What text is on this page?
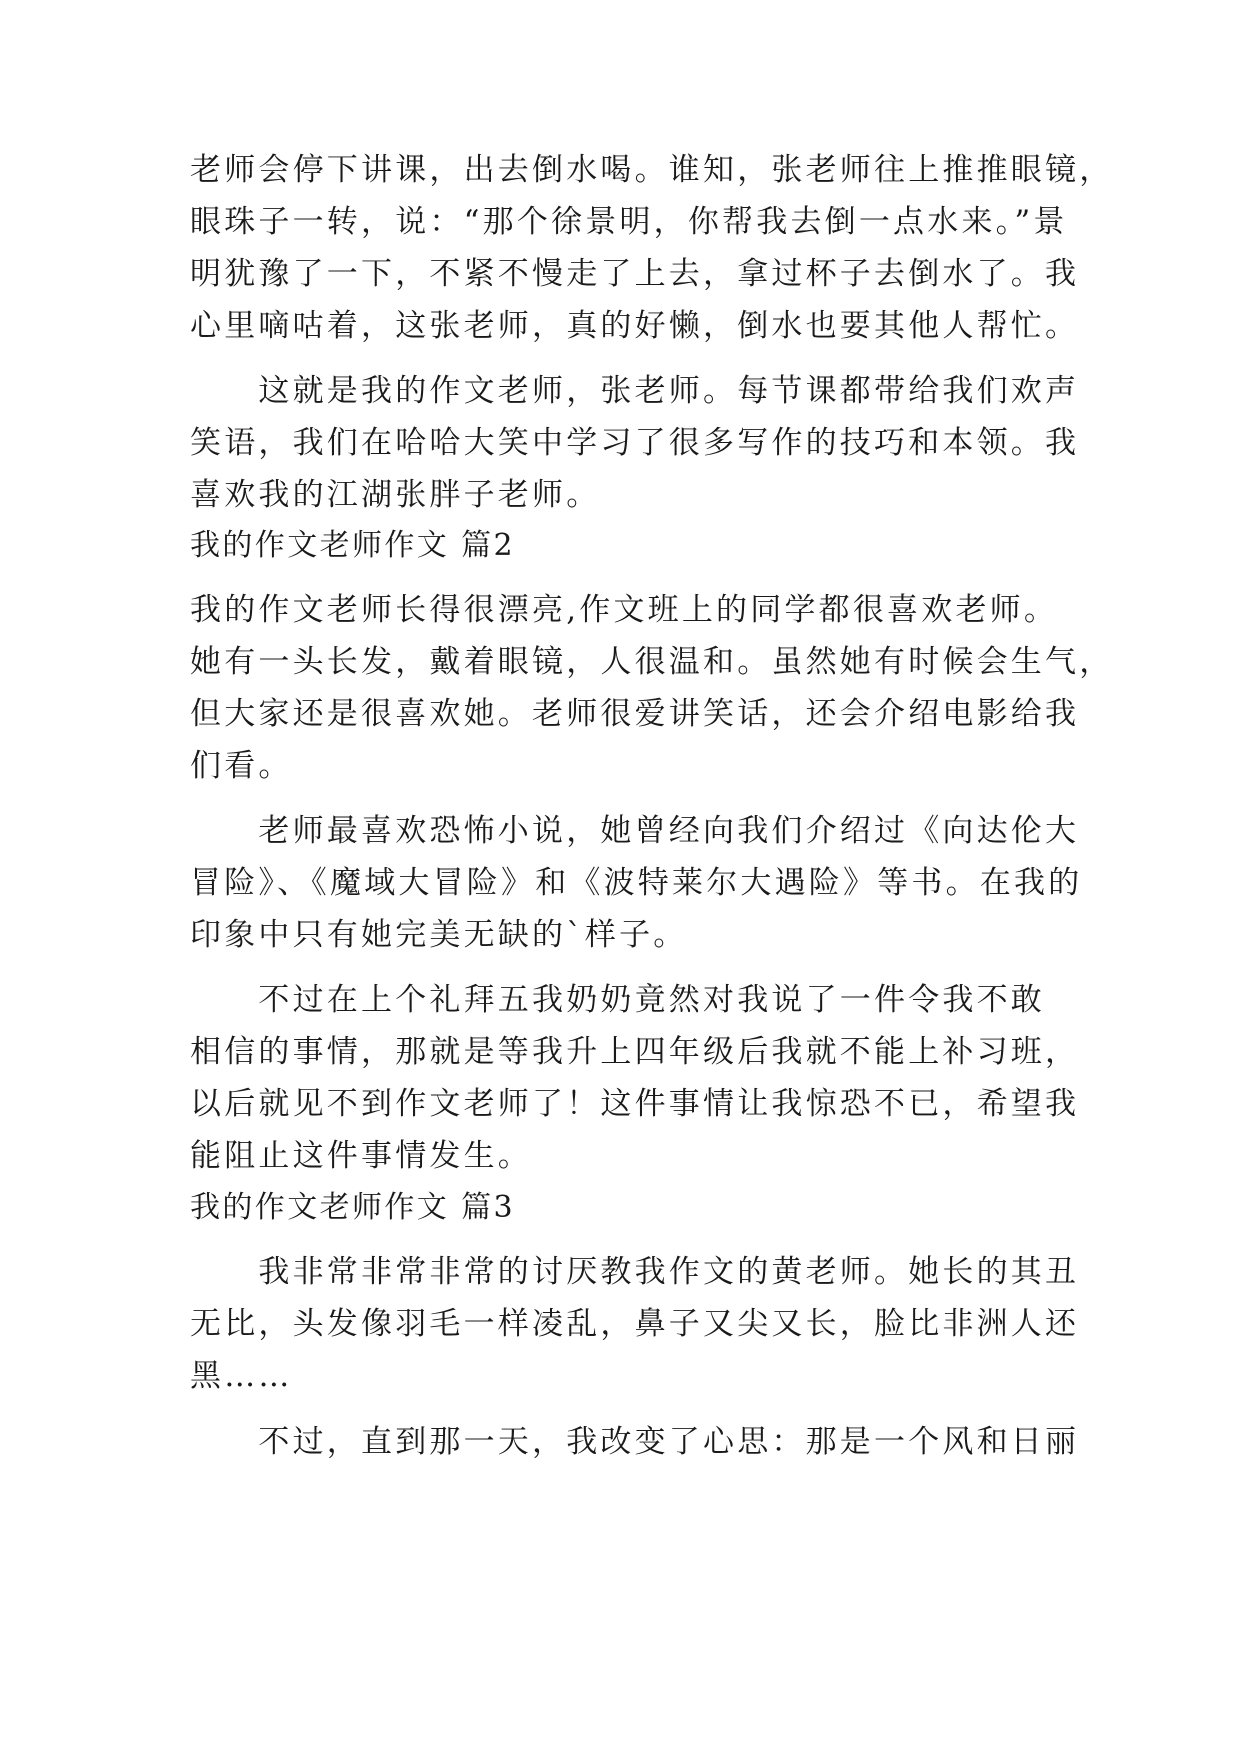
老师会停下讲课，出去倒水喝。谁知，张老师往上推推眼镜，
眼珠子一转，说：“那个徐景明，你帮我去倒一点水来。”景
明犹豫了一下，不紧不慢走了上去，拿过杯子去倒水了。我
心里嘀咕着，这张老师，真的好懒，倒水也要其他人帮忙。
　　这就是我的作文老师，张老师。每节课都带给我们欢声
笑语，我们在哈哈大笑中学习了很多写作的技巧和本领。我
喜欢我的江湖张胖子老师。
我的作文老师作文 篇2
我的作文老师长得很漂亮,作文班上的同学都很喜欢老师。
她有一头长发，戴着眼镜，人很温和。虽然她有时候会生气，
但大家还是很喜欢她。老师很爱讲笑话，还会介绍电影给我
们看。
　　老师最喜欢恐怖小说，她曾经向我们介绍过《向达伦大
冒险》、《魔域大冒险》和《波特莱尔大遇险》等书。在我的
印象中只有她完美无缺的`样子。
　　不过在上个礼拜五我奶奶竟然对我说了一件令我不敢
相信的事情，那就是等我升上四年级后我就不能上补习班，
以后就见不到作文老师了！这件事情让我惊恐不已，希望我
能阻止这件事情发生。
我的作文老师作文 篇3
　　我非常非常非常的讨厌教我作文的黄老师。她长的其丑
无比，头发像羽毛一样凌乱，鼻子又尖又长，脸比非洲人还
黑……
　　不过，直到那一天，我改变了心思：那是一个风和日丽
